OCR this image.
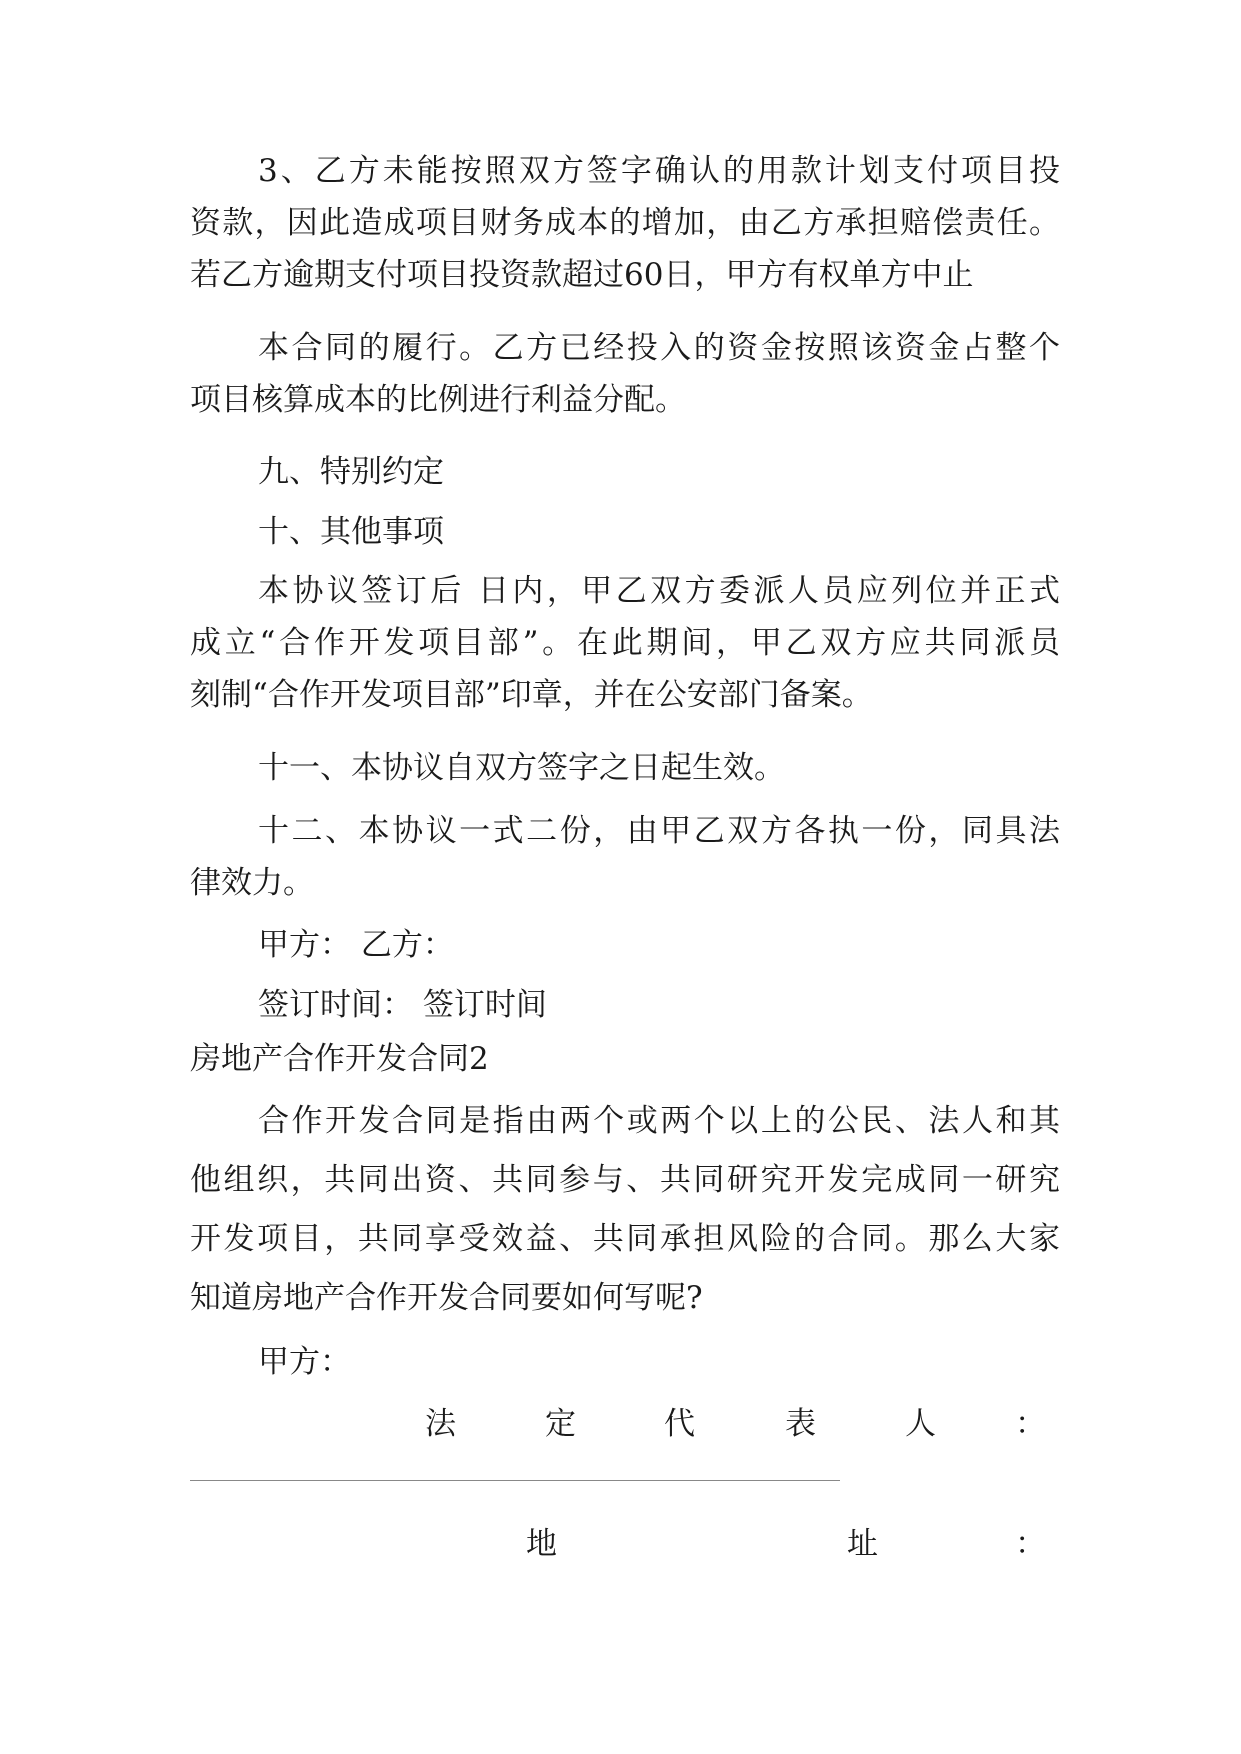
3、乙方未能按照双方签字确认的用款计划支付项目投
资款，因此造成项目财务成本的增加，由乙方承担赔偿责任。
若乙方逾期支付项目投资款超过60日，甲方有权单方中止
本合同的履行。乙方已经投入的资金按照该资金占整个
项目核算成本的比例进行利益分配。
九、特别约定
十、其他事项
本协议签订后 日内，甲乙双方委派人员应列位并正式
成立“合作开发项目部”。在此期间，甲乙双方应共同派员
刻制“合作开发项目部”印章，并在公安部门备案。
十一、本协议自双方签字之日起生效。
十二、本协议一式二份，由甲乙双方各执一份，同具法
律效力。
甲方： 乙方：
签订时间： 签订时间
房地产合作开发合同2
合作开发合同是指由两个或两个以上的公民、法人和其
他组织，共同出资、共同参与、共同研究开发完成同一研究
开发项目，共同享受效益、共同承担风险的合同。那么大家
知道房地产合作开发合同要如何写呢?
甲方：
法	定	代	表	人	：
地	址	：
